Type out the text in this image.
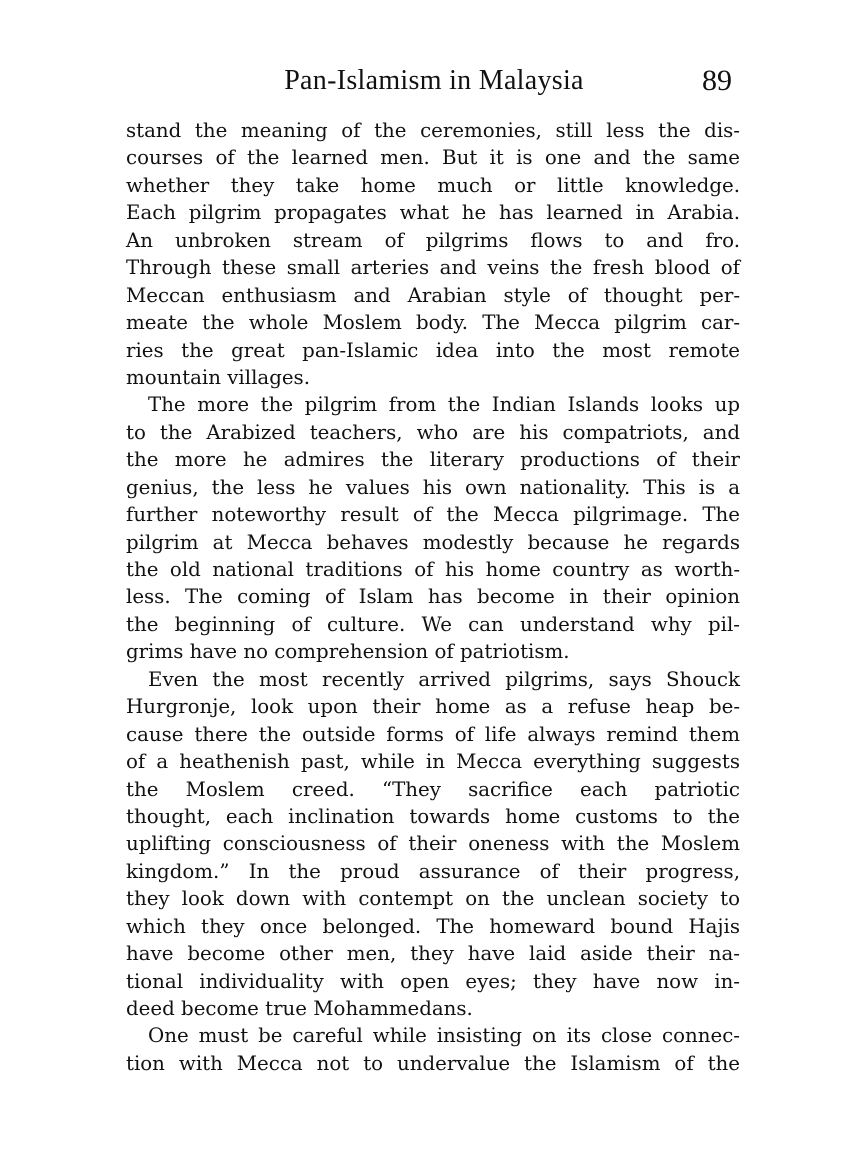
Pan-Islamism in Malaysia	89
stand the meaning of the ceremonies, still less the dis-
courses of the learned men. But it is one and the same
whether they take home much or little knowledge.
Each pilgrim propagates what he has learned in Arabia.
An unbroken stream of pilgrims flows to and fro.
Through these small arteries and veins the fresh blood of
Meccan enthusiasm and Arabian style of thought per-
meate the whole Moslem body. The Mecca pilgrim car-
ries the great pan-Islamic idea into the most remote
mountain villages.
The more the pilgrim from the Indian Islands looks up
to the Arabized teachers, who are his compatriots, and
the more he admires the literary productions of their
genius, the less he values his own nationality. This is a
further noteworthy result of the Mecca pilgrimage. The
pilgrim at Mecca behaves modestly because he regards
the old national traditions of his home country as worth-
less. The coming of Islam has become in their opinion
the beginning of culture. We can understand why pil-
grims have no comprehension of patriotism.
Even the most recently arrived pilgrims, says Shouck
Hurgronje, look upon their home as a refuse heap be-
cause there the outside forms of life always remind them
of a heathenish past, while in Mecca everything suggests
the Moslem creed. “They sacrifice each patriotic
thought, each inclination towards home customs to the
uplifting consciousness of their oneness with the Moslem
kingdom.” In the proud assurance of their progress,
they look down with contempt on the unclean society to
which they once belonged. The homeward bound Hajis
have become other men, they have laid aside their na-
tional individuality with open eyes; they have now in-
deed become true Mohammedans.
One must be careful while insisting on its close connec-
tion with Mecca not to undervalue the Islamism of the
